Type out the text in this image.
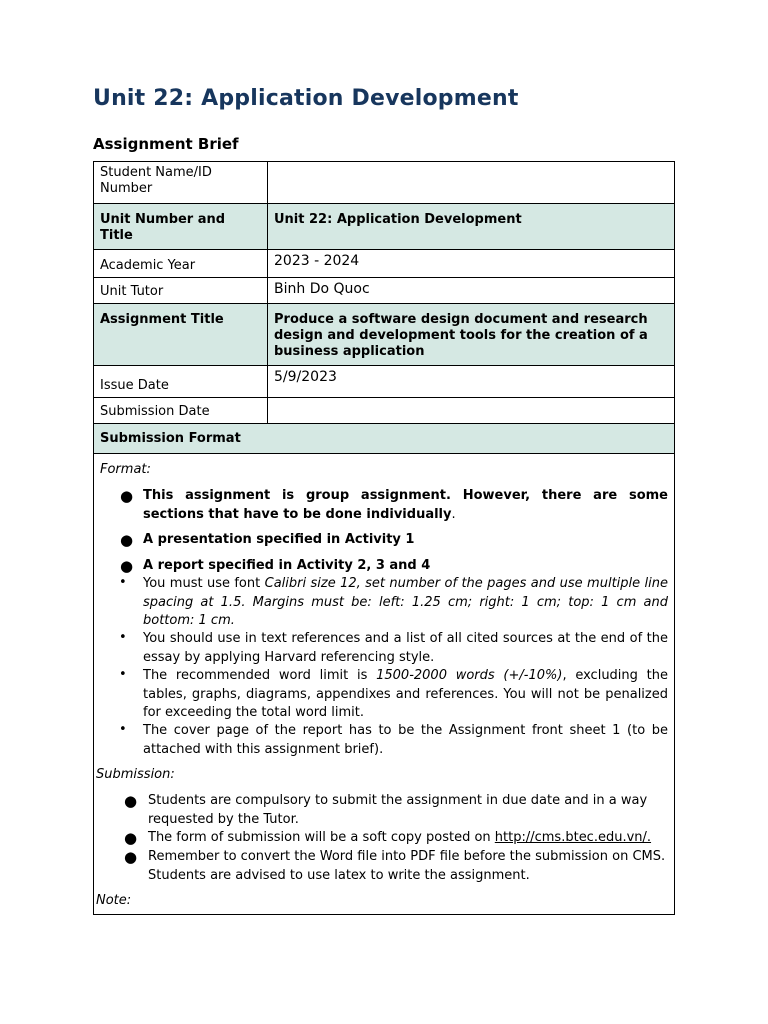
Unit 22: Application Development
Assignment Brief
Student Name/ID Number	
Unit Number and Title	Unit 22: Application Development
Academic Year	2023 - 2024
Unit Tutor	Binh Do Quoc
Assignment Title	Produce a software design document and research design and development tools for the creation of a business application
Issue Date	5/9/2023
Submission Date	
Submission Format	

Format:

● This assignment is group assignment. However, there are some sections that have to be done individually.
● A presentation specified in Activity 1
● A report specified in Activity 2, 3 and 4
• You must use font Calibri size 12, set number of the pages and use multiple line spacing at 1.5. Margins must be: left: 1.25 cm; right: 1 cm; top: 1 cm and bottom: 1 cm.
• You should use in text references and a list of all cited sources at the end of the essay by applying Harvard referencing style.
• The recommended word limit is 1500-2000 words (+/-10%), excluding the tables, graphs, diagrams, appendixes and references. You will not be penalized for exceeding the total word limit.
• The cover page of the report has to be the Assignment front sheet 1 (to be attached with this assignment brief).

Submission:

● Students are compulsory to submit the assignment in due date and in a way requested by the Tutor.
● The form of submission will be a soft copy posted on http://cms.btec.edu.vn/.
● Remember to convert the Word file into PDF file before the submission on CMS. Students are advised to use latex to write the assignment.

Note:
